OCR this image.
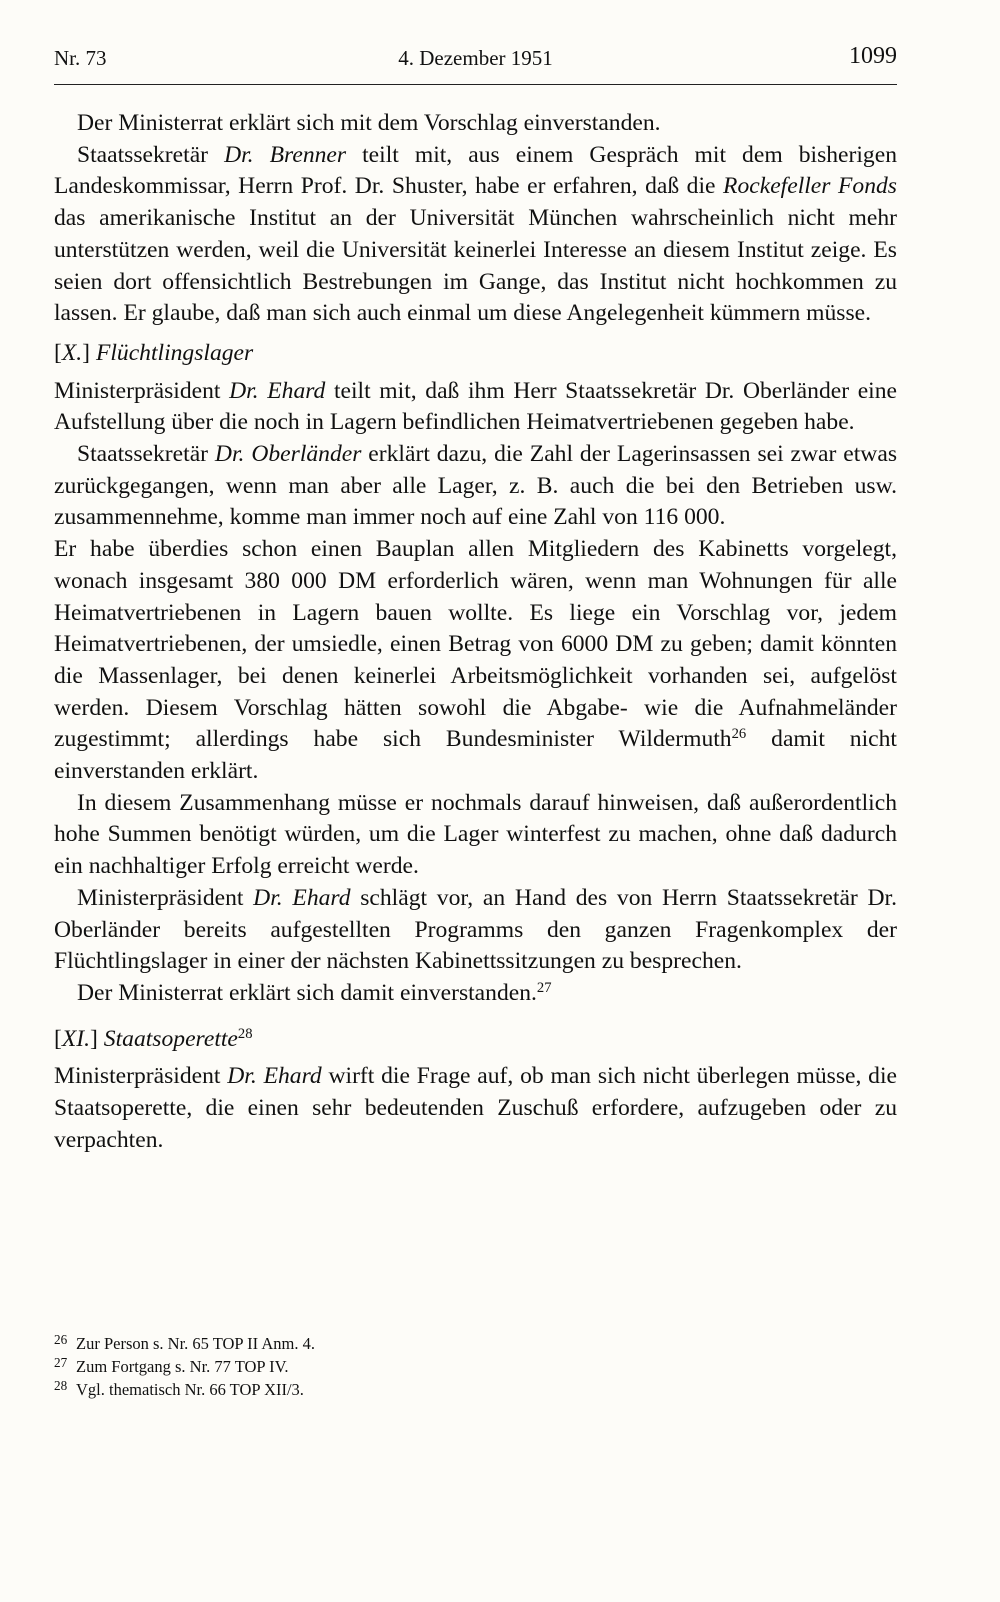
Nr. 73	4. Dezember 1951	1099

Der Ministerrat erklärt sich mit dem Vorschlag einverstanden.

Staatssekretär Dr. Brenner teilt mit, aus einem Gespräch mit dem bisherigen Landeskommissar, Herrn Prof. Dr. Shuster, habe er erfahren, daß die Rockefeller Fonds das amerikanische Institut an der Universität München wahrscheinlich nicht mehr unterstützen werden, weil die Universität keinerlei Interesse an diesem Institut zeige. Es seien dort offensichtlich Bestrebungen im Gange, das Institut nicht hochkommen zu lassen. Er glaube, daß man sich auch einmal um diese Angelegenheit kümmern müsse.

[X.] Flüchtlingslager

Ministerpräsident Dr. Ehard teilt mit, daß ihm Herr Staatssekretär Dr. Oberländer eine Aufstellung über die noch in Lagern befindlichen Heimatvertriebenen gegeben habe.

Staatssekretär Dr. Oberländer erklärt dazu, die Zahl der Lagerinsassen sei zwar etwas zurückgegangen, wenn man aber alle Lager, z. B. auch die bei den Betrieben usw. zusammennehme, komme man immer noch auf eine Zahl von 116 000.

Er habe überdies schon einen Bauplan allen Mitgliedern des Kabinetts vorgelegt, wonach insgesamt 380 000 DM erforderlich wären, wenn man Wohnungen für alle Heimatvertriebenen in Lagern bauen wollte. Es liege ein Vorschlag vor, jedem Heimatvertriebenen, der umsiedle, einen Betrag von 6000 DM zu geben; damit könnten die Massenlager, bei denen keinerlei Arbeitsmöglichkeit vorhanden sei, aufgelöst werden. Diesem Vorschlag hätten sowohl die Abgabe- wie die Aufnahmeländer zugestimmt; allerdings habe sich Bundesminister Wildermuth$^{26}$ damit nicht einverstanden erklärt.

In diesem Zusammenhang müsse er nochmals darauf hinweisen, daß außerordentlich hohe Summen benötigt würden, um die Lager winterfest zu machen, ohne daß dadurch ein nachhaltiger Erfolg erreicht werde.

Ministerpräsident Dr. Ehard schlägt vor, an Hand des von Herrn Staatssekretär Dr. Oberländer bereits aufgestellten Programms den ganzen Fragenkomplex der Flüchtlingslager in einer der nächsten Kabinettssitzungen zu besprechen.

Der Ministerrat erklärt sich damit einverstanden.$^{27}$

[XI.] Staatsoperette$^{28}$

Ministerpräsident Dr. Ehard wirft die Frage auf, ob man sich nicht überlegen müsse, die Staatsoperette, die einen sehr bedeutenden Zuschuß erfordere, aufzugeben oder zu verpachten.

$^{26}$ Zur Person s. Nr. 65 TOP II Anm. 4.
$^{27}$ Zum Fortgang s. Nr. 77 TOP IV.
$^{28}$ Vgl. thematisch Nr. 66 TOP XII/3.
